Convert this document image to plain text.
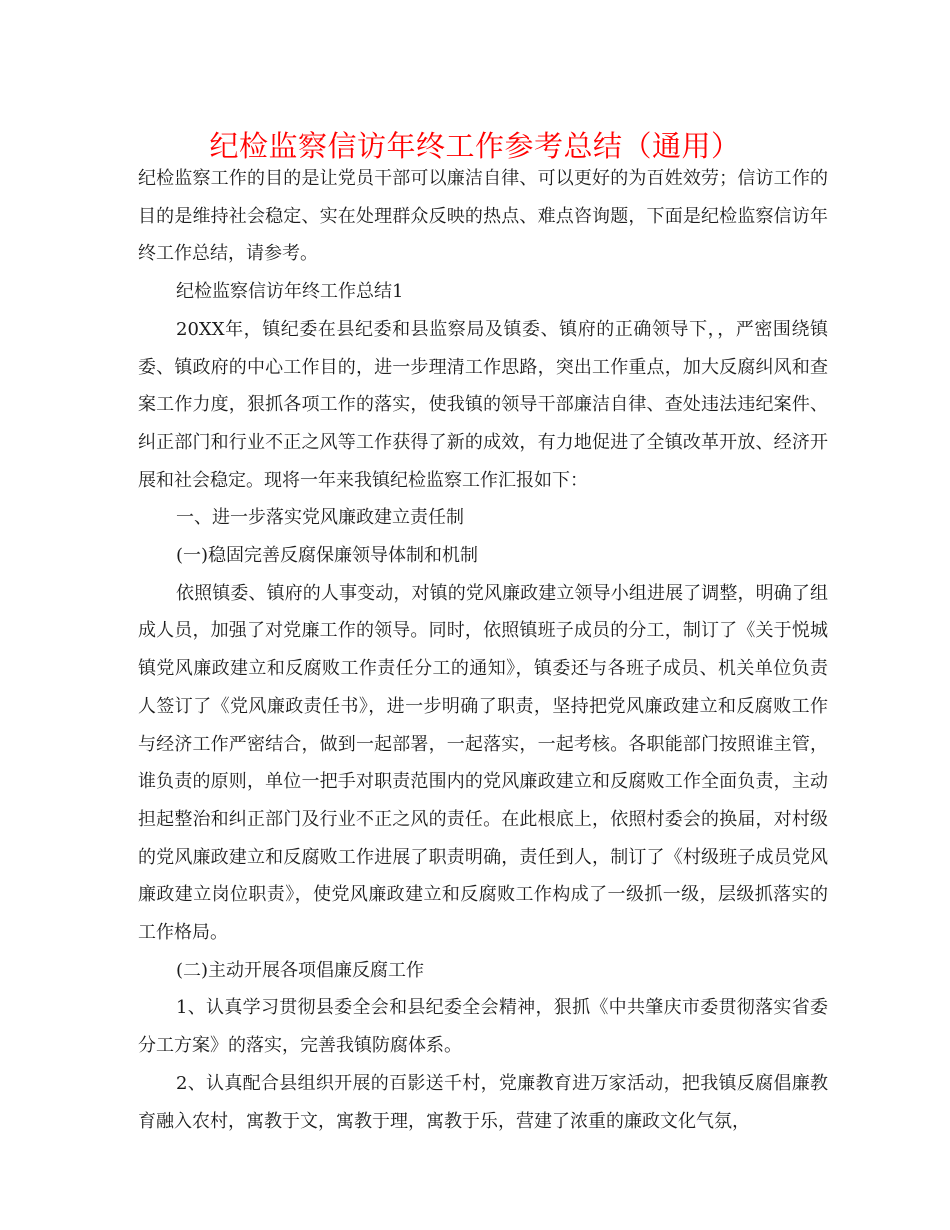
纪检监察信访年终工作参考总结（通用）

纪检监察工作的目的是让党员干部可以廉洁自律、可以更好的为百姓效劳；信访工作的目的是维持社会稳定、实在处理群众反映的热点、难点咨询题，下面是纪检监察信访年终工作总结，请参考。

纪检监察信访年终工作总结1

20XX年，镇纪委在县纪委和县监察局及镇委、镇府的正确领导下，，严密围绕镇委、镇政府的中心工作目的，进一步理清工作思路，突出工作重点，加大反腐纠风和查案工作力度，狠抓各项工作的落实，使我镇的领导干部廉洁自律、查处违法违纪案件、纠正部门和行业不正之风等工作获得了新的成效，有力地促进了全镇改革开放、经济开展和社会稳定。现将一年来我镇纪检监察工作汇报如下：

一、进一步落实党风廉政建立责任制

(一)稳固完善反腐保廉领导体制和机制

依照镇委、镇府的人事变动，对镇的党风廉政建立领导小组进展了调整，明确了组成人员，加强了对党廉工作的领导。同时，依照镇班子成员的分工，制订了《关于悦城镇党风廉政建立和反腐败工作责任分工的通知》，镇委还与各班子成员、机关单位负责人签订了《党风廉政责任书》，进一步明确了职责，坚持把党风廉政建立和反腐败工作与经济工作严密结合，做到一起部署，一起落实，一起考核。各职能部门按照谁主管，谁负责的原则，单位一把手对职责范围内的党风廉政建立和反腐败工作全面负责，主动担起整治和纠正部门及行业不正之风的责任。在此根底上，依照村委会的换届，对村级的党风廉政建立和反腐败工作进展了职责明确，责任到人，制订了《村级班子成员党风廉政建立岗位职责》，使党风廉政建立和反腐败工作构成了一级抓一级，层级抓落实的工作格局。

(二)主动开展各项倡廉反腐工作

1、认真学习贯彻县委全会和县纪委全会精神，狠抓《中共肇庆市委贯彻落实省委分工方案》的落实，完善我镇防腐体系。

2、认真配合县组织开展的百影送千村，党廉教育进万家活动，把我镇反腐倡廉教育融入农村，寓教于文，寓教于理，寓教于乐，营建了浓重的廉政文化气氛，
